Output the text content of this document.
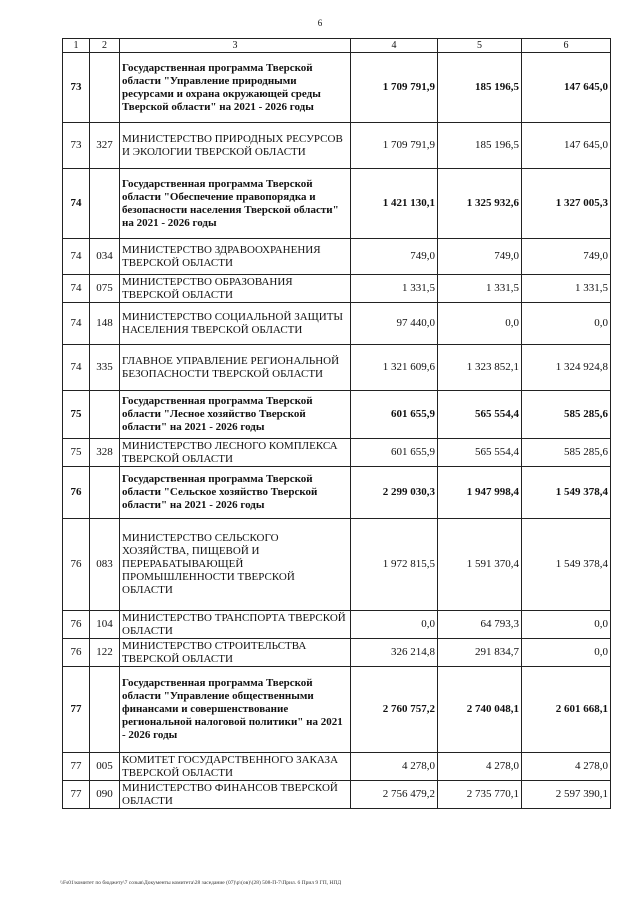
6
1	2	3	4	5	6
73		Государственная программа Тверской области "Управление природными ресурсами и охрана окружающей среды Тверской области" на 2021 - 2026 годы	1 709 791,9	185 196,5	147 645,0
73	327	МИНИСТЕРСТВО ПРИРОДНЫХ РЕСУРСОВ И ЭКОЛОГИИ ТВЕРСКОЙ ОБЛАСТИ	1 709 791,9	185 196,5	147 645,0
74		Государственная программа Тверской области "Обеспечение правопорядка и безопасности населения Тверской области" на 2021 - 2026 годы	1 421 130,1	1 325 932,6	1 327 005,3
74	034	МИНИСТЕРСТВО ЗДРАВООХРАНЕНИЯ ТВЕРСКОЙ ОБЛАСТИ	749,0	749,0	749,0
74	075	МИНИСТЕРСТВО ОБРАЗОВАНИЯ ТВЕРСКОЙ ОБЛАСТИ	1 331,5	1 331,5	1 331,5
74	148	МИНИСТЕРСТВО СОЦИАЛЬНОЙ ЗАЩИТЫ НАСЕЛЕНИЯ ТВЕРСКОЙ ОБЛАСТИ	97 440,0	0,0	0,0
74	335	ГЛАВНОЕ УПРАВЛЕНИЕ РЕГИОНАЛЬНОЙ БЕЗОПАСНОСТИ ТВЕРСКОЙ ОБЛАСТИ	1 321 609,6	1 323 852,1	1 324 924,8
75		Государственная программа Тверской области "Лесное хозяйство Тверской области" на 2021 - 2026 годы	601 655,9	565 554,4	585 285,6
75	328	МИНИСТЕРСТВО ЛЕСНОГО КОМПЛЕКСА ТВЕРСКОЙ ОБЛАСТИ	601 655,9	565 554,4	585 285,6
76		Государственная программа Тверской области "Сельское хозяйство Тверской области" на 2021 - 2026 годы	2 299 030,3	1 947 998,4	1 549 378,4
76	083	МИНИСТЕРСТВО СЕЛЬСКОГО ХОЗЯЙСТВА, ПИЩЕВОЙ И ПЕРЕРАБАТЫВАЮЩЕЙ ПРОМЫШЛЕННОСТИ ТВЕРСКОЙ ОБЛАСТИ	1 972 815,5	1 591 370,4	1 549 378,4
76	104	МИНИСТЕРСТВО ТРАНСПОРТА ТВЕРСКОЙ ОБЛАСТИ	0,0	64 793,3	0,0
76	122	МИНИСТЕРСТВО СТРОИТЕЛЬСТВА ТВЕРСКОЙ ОБЛАСТИ	326 214,8	291 834,7	0,0
77		Государственная программа Тверской области "Управление общественными финансами и совершенствование региональной налоговой политики" на 2021 - 2026 годы	2 760 757,2	2 740 048,1	2 601 668,1
77	005	КОМИТЕТ ГОСУДАРСТВЕННОГО ЗАКАЗА ТВЕРСКОЙ ОБЛАСТИ	4 278,0	4 278,0	4 278,0
77	090	МИНИСТЕРСТВО ФИНАНСОВ ТВЕРСКОЙ ОБЛАСТИ	2 756 479,2	2 735 770,1	2 597 390,1
\\Fs01\комитет по бюджету\7 созыв\Документы комитета\28 заседание (07)\р\(ов)\(28) 508-П-7\Прил. 6 Прил 9 ГП, НПД
